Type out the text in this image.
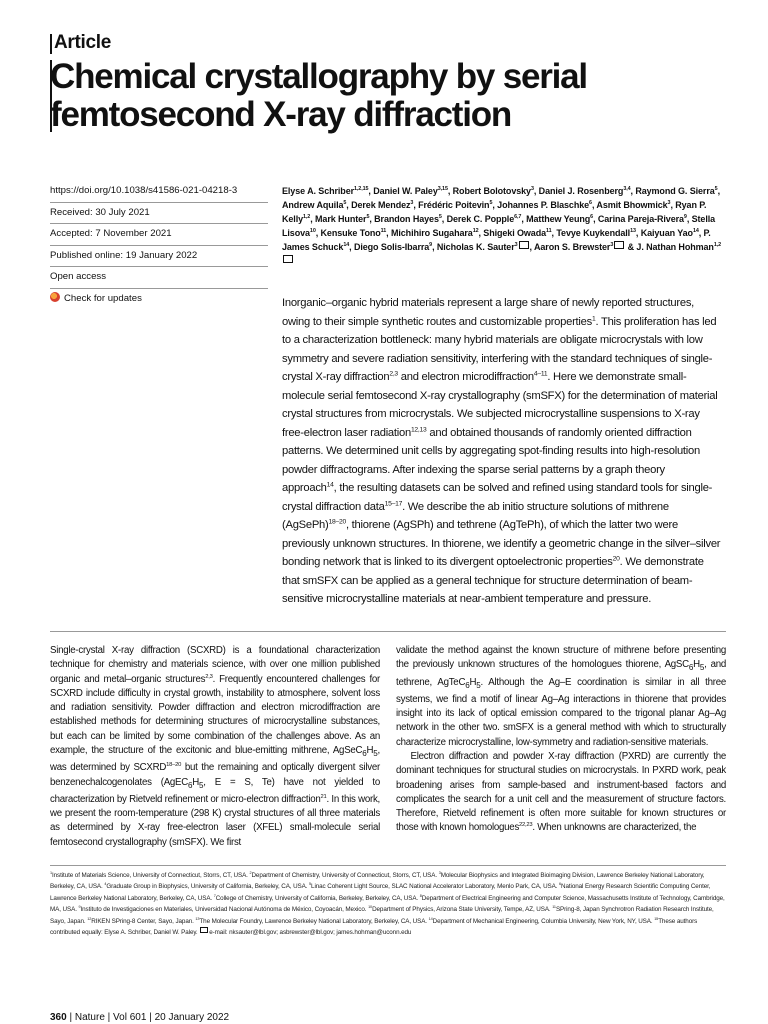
Article
Chemical crystallography by serial
femtosecond X-ray diffraction
https://doi.org/10.1038/s41586-021-04218-3
Received: 30 July 2021
Accepted: 7 November 2021
Published online: 19 January 2022
Open access
Check for updates
Elyse A. Schriber$^{1,2,15}$, Daniel W. Paley$^{3,15}$, Robert Bolotovsky$^3$, Daniel J. Rosenberg$^{3,4}$, Raymond G. Sierra$^5$, Andrew Aquila$^5$, Derek Mendez$^3$, Frédéric Poitevin$^5$, Johannes P. Blaschke$^6$, Asmit Bhowmick$^3$, Ryan P. Kelly$^{1,2}$, Mark Hunter$^5$, Brandon Hayes$^5$, Derek C. Popple$^{6,7}$, Matthew Yeung$^6$, Carina Pareja-Rivera$^9$, Stella Lisova$^{10}$, Kensuke Tono$^{11}$, Michihiro Sugahara$^{12}$, Shigeki Owada$^{11}$, Tevye Kuykendall$^{13}$, Kaiyuan Yao$^{14}$, P. James Schuck$^{14}$, Diego Solis-Ibarra$^9$, Nicholas K. Sauter$^3$ , Aaron S. Brewster$^3$ & J. Nathan Hohman$^{1,2}$
Inorganic–organic hybrid materials represent a large share of newly reported structures, owing to their simple synthetic routes and customizable properties$^1$. This proliferation has led to a characterization bottleneck: many hybrid materials are obligate microcrystals with low symmetry and severe radiation sensitivity, interfering with the standard techniques of single-crystal X-ray diffraction$^{2,3}$ and electron microdiffraction$^{4-11}$. Here we demonstrate small-molecule serial femtosecond X-ray crystallography (smSFX) for the determination of material crystal structures from microcrystals. We subjected microcrystalline suspensions to X-ray free-electron laser radiation$^{12,13}$ and obtained thousands of randomly oriented diffraction patterns. We determined unit cells by aggregating spot-finding results into high-resolution powder diffractograms. After indexing the sparse serial patterns by a graph theory approach$^{14}$, the resulting datasets can be solved and refined using standard tools for single-crystal diffraction data$^{15-17}$. We describe the ab initio structure solutions of mithrene (AgSePh)$^{18-20}$, thiorene (AgSPh) and tethrene (AgTePh), of which the latter two were previously unknown structures. In thiorene, we identify a geometric change in the silver–silver bonding network that is linked to its divergent optoelectronic properties$^{20}$. We demonstrate that smSFX can be applied as a general technique for structure determination of beam-sensitive microcrystalline materials at near-ambient temperature and pressure.
Single-crystal X-ray diffraction (SCXRD) is a foundational characterization technique for chemistry and materials science, with over one million published organic and metal–organic structures$^{2,3}$. Frequently encountered challenges for SCXRD include difficulty in crystal growth, instability to atmosphere, solvent loss and radiation sensitivity. Powder diffraction and electron microdiffraction are established methods for determining structures of microcrystalline substances, but each can be limited by some combination of the challenges above. As an example, the structure of the excitonic and blue-emitting mithrene, $AgSeC_6H_5$, was determined by SCXRD$^{18-20}$ but the remaining and optically divergent silver benzenechalcogenolates ($AgEC_6H_5$, E = S, Te) have not yielded to characterization by Rietveld refinement or micro-electron diffraction$^{21}$. In this work, we present the room-temperature (298 K) crystal structures of all three materials as determined by X-ray free-electron laser (XFEL) small-molecule serial femtosecond crystallography (smSFX). We first
validate the method against the known structure of mithrene before presenting the previously unknown structures of the homologues thiorene, $AgSC_6H_5$, and tethrene, $AgTeC_6H_5$. Although the Ag–E coordination is similar in all three systems, we find a motif of linear Ag–Ag interactions in thiorene that provides insight into its lack of optical emission compared to the trigonal planar Ag–Ag network in the other two. smSFX is a general method with which to structurally characterize microcrystalline, low-symmetry and radiation-sensitive materials.
Electron diffraction and powder X-ray diffraction (PXRD) are currently the dominant techniques for structural studies on microcrystals. In PXRD work, peak broadening arises from sample-based and instrument-based factors and complicates the search for a unit cell and the measurement of structure factors. Therefore, Rietveld refinement is often more suitable for known structures or those with known homologues$^{22,23}$. When unknowns are characterized, the
$^1$Institute of Materials Science, University of Connecticut, Storrs, CT, USA. $^2$Department of Chemistry, University of Connecticut, Storrs, CT, USA. $^3$Molecular Biophysics and Integrated Bioimaging Division, Lawrence Berkeley National Laboratory, Berkeley, CA, USA. $^4$Graduate Group in Biophysics, University of California, Berkeley, CA, USA. $^5$Linac Coherent Light Source, SLAC National Accelerator Laboratory, Menlo Park, CA, USA. $^6$National Energy Research Scientific Computing Center, Lawrence Berkeley National Laboratory, Berkeley, CA, USA. $^7$College of Chemistry, University of California, Berkeley, Berkeley, CA, USA. $^8$Department of Electrical Engineering and Computer Science, Massachusetts Institute of Technology, Cambridge, MA, USA. $^9$Instituto de Investigaciones en Materiales, Universidad Nacional Autónoma de México, Coyoacán, Mexico. $^{10}$Department of Physics, Arizona State University, Tempe, AZ, USA. $^{11}$SPring-8, Japan Synchrotron Radiation Research Institute, Sayo, Japan. $^{12}$RIKEN SPring-8 Center, Sayo, Japan. $^{13}$The Molecular Foundry, Lawrence Berkeley National Laboratory, Berkeley, CA, USA. $^{14}$Department of Mechanical Engineering, Columbia University, New York, NY, USA. $^{15}$These authors contributed equally: Elyse A. Schriber, Daniel W. Paley. e-mail: nksauter@lbl.gov; asbrewster@lbl.gov; james.hohman@uconn.edu
360 | Nature | Vol 601 | 20 January 2022
